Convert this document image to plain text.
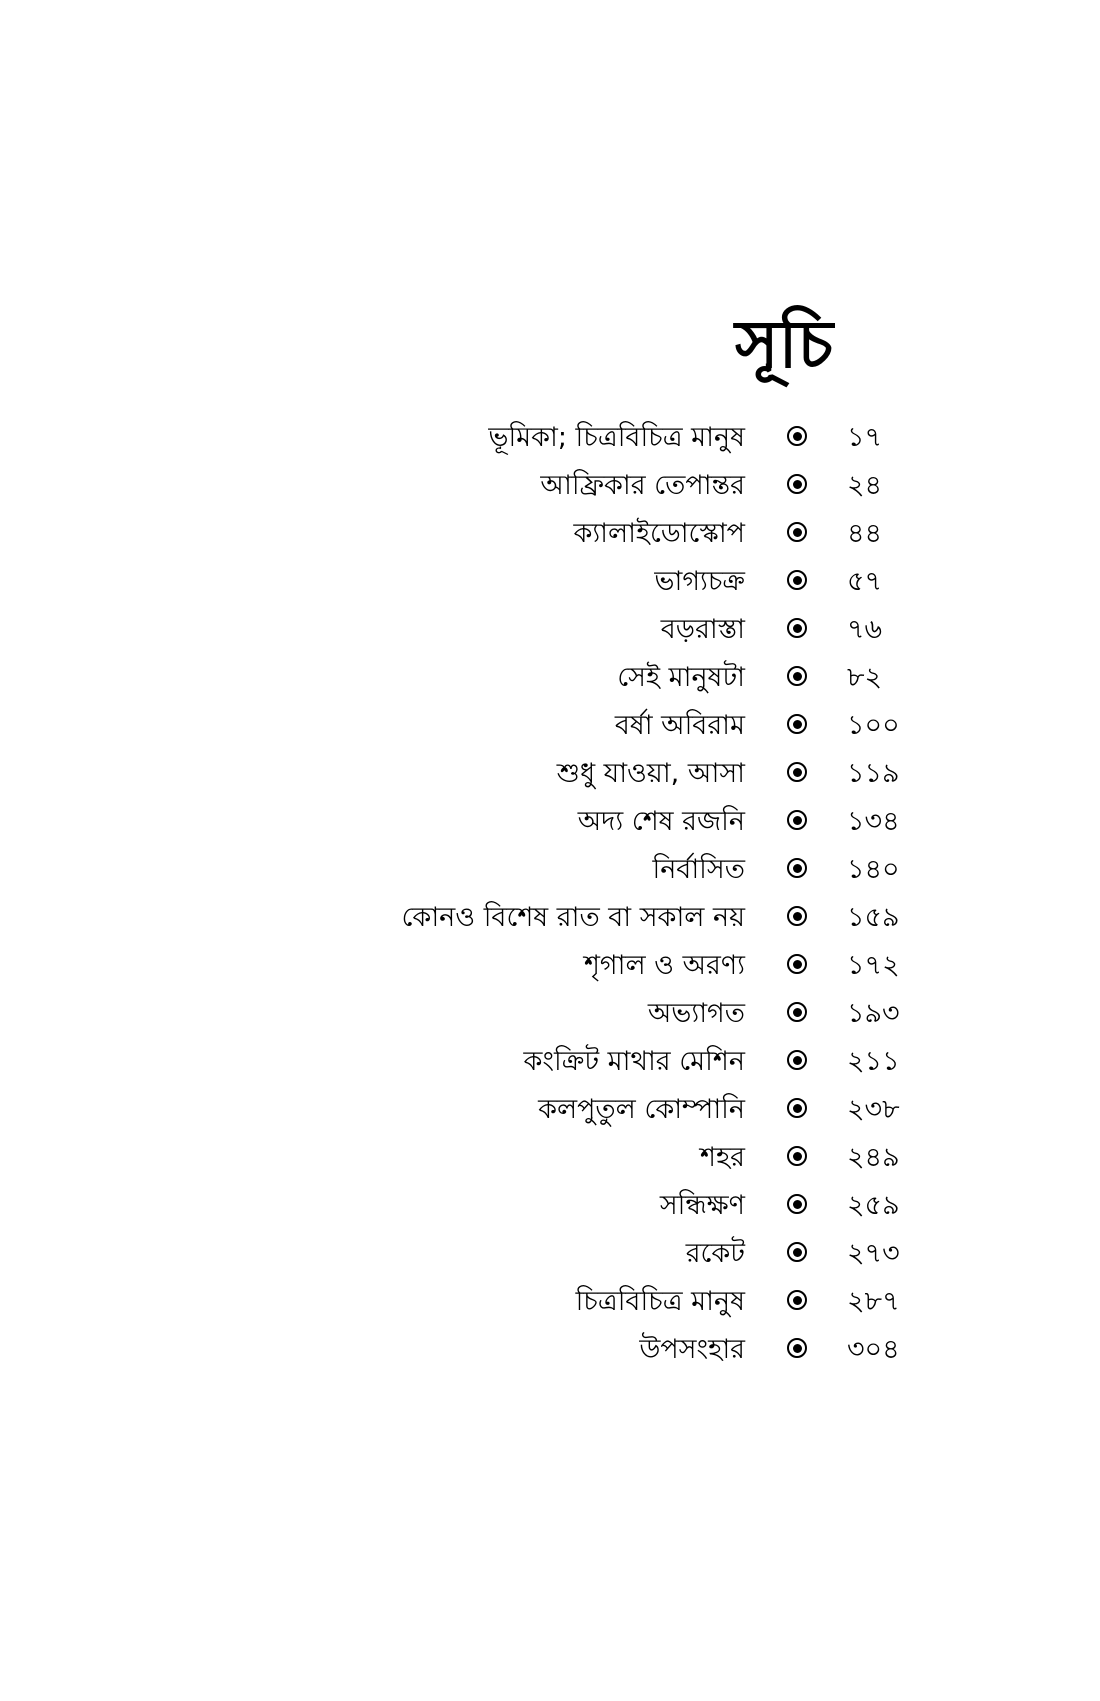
সূচি
ভূমিকা; চিত্রবিচিত্র মানুষ	১৭
আফ্রিকার তেপান্তর	২৪
ক্যালাইডোস্কোপ	৪৪
ভাগ্যচক্র	৫৭
বড়রাস্তা	৭৬
সেই মানুষটা	৮২
বর্ষা অবিরাম	১০০
শুধু যাওয়া, আসা	১১৯
অদ্য শেষ রজনি	১৩৪
নির্বাসিত	১৪০
কোনও বিশেষ রাত বা সকাল নয়	১৫৯
শৃগাল ও অরণ্য	১৭২
অভ্যাগত	১৯৩
কংক্রিট মাথার মেশিন	২১১
কলপুতুল কোম্পানি	২৩৮
শহর	২৪৯
সন্ধিক্ষণ	২৫৯
রকেট	২৭৩
চিত্রবিচিত্র মানুষ	২৮৭
উপসংহার	৩০৪
